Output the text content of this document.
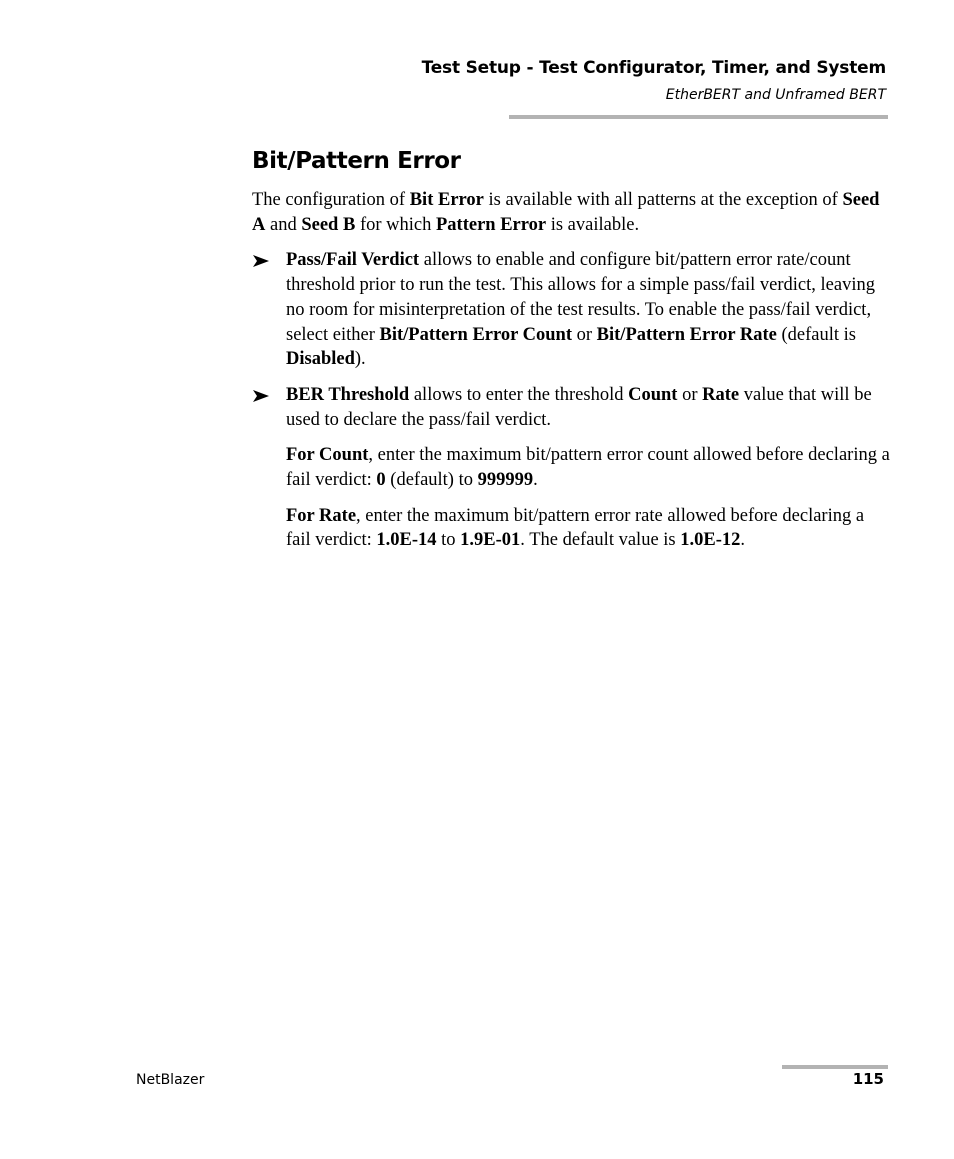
Test Setup - Test Configurator, Timer, and System
EtherBERT and Unframed BERT
Bit/Pattern Error

The configuration of Bit Error is available with all patterns at the exception of Seed A and Seed B for which Pattern Error is available.

Pass/Fail Verdict allows to enable and configure bit/pattern error rate/count threshold prior to run the test. This allows for a simple pass/fail verdict, leaving no room for misinterpretation of the test results. To enable the pass/fail verdict, select either Bit/Pattern Error Count or Bit/Pattern Error Rate (default is Disabled).

BER Threshold allows to enter the threshold Count or Rate value that will be used to declare the pass/fail verdict.

For Count, enter the maximum bit/pattern error count allowed before declaring a fail verdict: 0 (default) to 999999.

For Rate, enter the maximum bit/pattern error rate allowed before declaring a fail verdict: 1.0E-14 to 1.9E-01. The default value is 1.0E-12.

NetBlazer	115
